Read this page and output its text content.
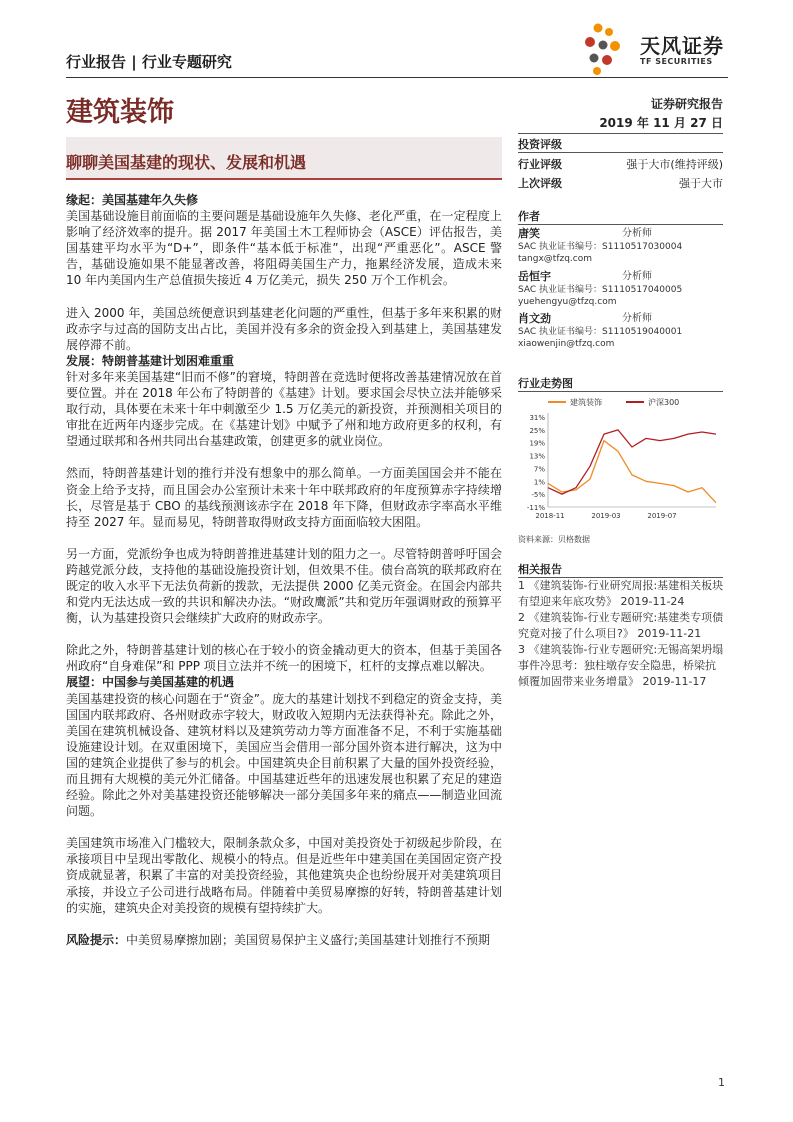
行业报告 | 行业专题研究
天风证券
TF SECURITIES
建筑装饰	证券研究报告
2019 年 11 月 27 日
聊聊美国基建的现状、发展和机遇

缘起：美国基建年久失修

美国基础设施目前面临的主要问题是基础设施年久失修、老化严重，在一定程度上影响了经济效率的提升。据 2017 年美国土木工程师协会（ASCE）评估报告，美国基建平均水平为“D+”，即条件“基本低于标准”，出现“严重恶化”。ASCE 警告，基础设施如果不能显著改善，将阻碍美国生产力，拖累经济发展，造成未来 10 年内美国内生产总值损失接近 4 万亿美元，损失 250 万个工作机会。

进入 2000 年，美国总统便意识到基建老化问题的严重性，但基于多年来积累的财政赤字与过高的国防支出占比，美国并没有多余的资金投入到基建上，美国基建发展停滞不前。

发展：特朗普基建计划困难重重

针对多年来美国基建“旧而不修”的窘境，特朗普在竞选时便将改善基建情况放在首要位置。并在 2018 年公布了特朗普的《基建》计划。要求国会尽快立法并能够采取行动，具体要在未来十年中刺激至少 1.5 万亿美元的新投资，并预测相关项目的审批在近两年内逐步完成。在《基建计划》中赋予了州和地方政府更多的权利，有望通过联邦和各州共同出台基建政策，创建更多的就业岗位。

然而，特朗普基建计划的推行并没有想象中的那么简单。一方面美国国会并不能在资金上给予支持，而且国会办公室预计未来十年中联邦政府的年度预算赤字持续增长，尽管是基于 CBO 的基线预测该赤字在 2018 年下降，但财政赤字率高水平维持至 2027 年。显而易见，特朗普取得财政支持方面面临较大困阻。

另一方面，党派纷争也成为特朗普推进基建计划的阻力之一。尽管特朗普呼吁国会跨越党派分歧，支持他的基础设施投资计划，但效果不佳。债台高筑的联邦政府在既定的收入水平下无法负荷新的拨款，无法提供 2000 亿美元资金。在国会内部共和党内无法达成一致的共识和解决办法。“财政鹰派”共和党历年强调财政的预算平衡，认为基建投资只会继续扩大政府的财政赤字。

除此之外，特朗普基建计划的核心在于较小的资金撬动更大的资本，但基于美国各州政府“自身难保”和 PPP 项目立法并不统一的困境下，杠杆的支撑点难以解决。

展望：中国参与美国基建的机遇

美国基建投资的核心问题在于“资金”。庞大的基建计划找不到稳定的资金支持，美国国内联邦政府、各州财政赤字较大，财政收入短期内无法获得补充。除此之外，美国在建筑机械设备、建筑材料以及建筑劳动力等方面准备不足，不利于实施基础设施建设计划。在双重困境下，美国应当会借用一部分国外资本进行解决，这为中国的建筑企业提供了参与的机会。中国建筑央企目前积累了大量的国外投资经验，而且拥有大规模的美元外汇储备。中国基建近些年的迅速发展也积累了充足的建造经验。除此之外对美基建投资还能够解决一部分美国多年来的痛点——制造业回流问题。

美国建筑市场准入门槛较大，限制条款众多，中国对美投资处于初级起步阶段，在承接项目中呈现出零散化、规模小的特点。但是近些年中建美国在美国固定资产投资成就显著，积累了丰富的对美投资经验，其他建筑央企也纷纷展开对美建筑项目承接，并设立子公司进行战略布局。伴随着中美贸易摩擦的好转，特朗普基建计划的实施，建筑央企对美投资的规模有望持续扩大。

风险提示：中美贸易摩擦加剧；美国贸易保护主义盛行;美国基建计划推行不预期

投资评级
行业评级	强于大市(维持评级)
上次评级	强于大市
作者
唐笑	分析师
SAC 执业证书编号：S1110517030004
tangx@tfzq.com
岳恒宇	分析师
SAC 执业证书编号：S1110517040005
yuehengyu@tfzq.com
肖文劲	分析师
SAC 执业证书编号：S1110519040001
xiaowenjin@tfzq.com
行业走势图
建筑装饰	沪深300
31%
25%
19%
13%
7%
1%
-5%
-11%
2018-11	2019-03	2019-07
资料来源：贝格数据
相关报告

1 《建筑装饰-行业研究周报:基建相关板块有望迎来年底攻势》 2019-11-24

2 《建筑装饰-行业专题研究:基建类专项债究竟对接了什么项目?》 2019-11-21

3 《建筑装饰-行业专题研究:无锡高架坍塌事件冷思考：独柱墩存安全隐患，桥梁抗倾覆加固带来业务增量》 2019-11-17

1
